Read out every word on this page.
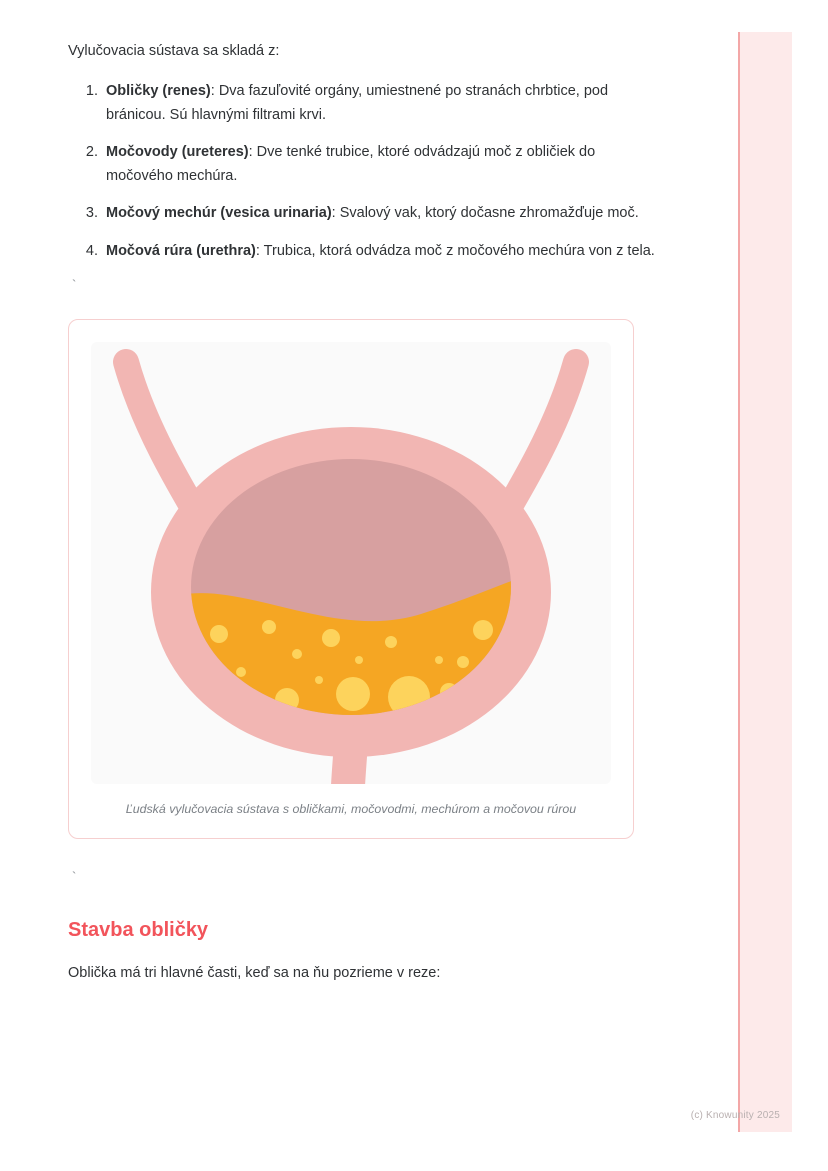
Vylučovacia sústava sa skladá z:

1. Obličky (renes): Dva fazuľovité orgány, umiestnené po stranách chrbtice, pod bránicou. Sú hlavnými filtrami krvi.
2. Močovody (ureteres): Dve tenké trubice, ktoré odvádzajú moč z obličiek do močového mechúra.
3. Močový mechúr (vesica urinaria): Svalový vak, ktorý dočasne zhromažďuje moč.
4. Močová rúra (urethra): Trubica, ktorá odvádza moč z močového mechúra von z tela.
`
Ľudská vylučovacia sústava s obličkami, močovodmi, mechúrom a močovou rúrou
`
Stavba obličky

Oblička má tri hlavné časti, keď sa na ňu pozrieme v reze:

(c) Knowunity 2025
